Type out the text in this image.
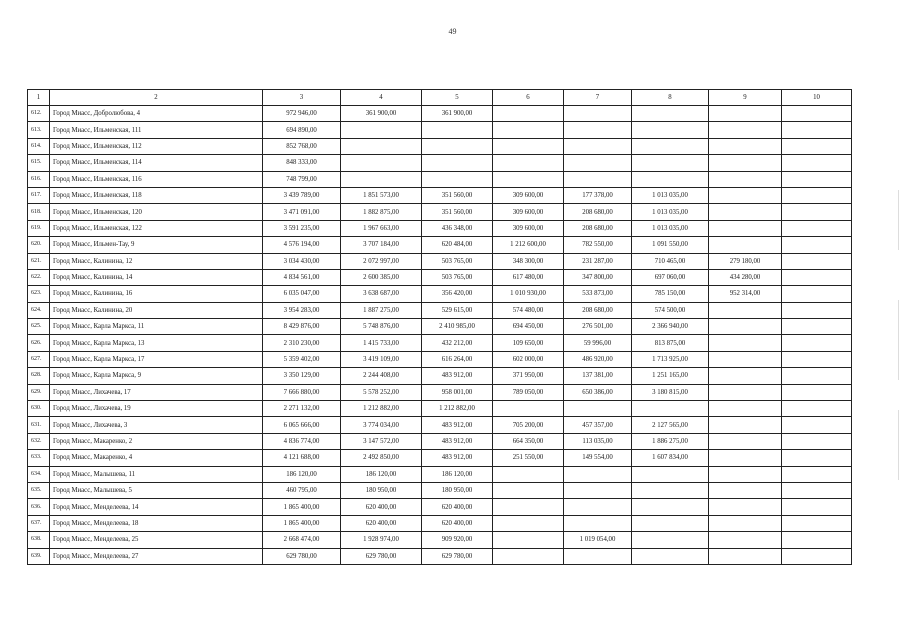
49
1	2	3	4	5	6	7	8	9	10
612.	Город Миасс, Добролюбова, 4	972 946,00	361 900,00	361 900,00					
613.	Город Миасс, Ильменская, 111	694 890,00							
614.	Город Миасс, Ильменская, 112	852 768,00							
615.	Город Миасс, Ильменская, 114	848 333,00							
616.	Город Миасс, Ильменская, 116	748 799,00							
617.	Город Миасс, Ильменская, 118	3 439 789,00	1 851 573,00	351 560,00	309 600,00	177 378,00	1 013 035,00		
618.	Город Миасс, Ильменская, 120	3 471 091,00	1 882 875,00	351 560,00	309 600,00	208 680,00	1 013 035,00		
619.	Город Миасс, Ильменская, 122	3 591 235,00	1 967 663,00	436 348,00	309 600,00	208 680,00	1 013 035,00		
620.	Город Миасс, Ильмен-Тау, 9	4 576 194,00	3 707 184,00	620 484,00	1 212 600,00	782 550,00	1 091 550,00		
621.	Город Миасс, Калинина, 12	3 034 430,00	2 072 997,00	503 765,00	348 300,00	231 287,00	710 465,00	279 180,00	
622.	Город Миасс, Калинина, 14	4 834 561,00	2 600 385,00	503 765,00	617 480,00	347 800,00	697 060,00	434 280,00	
623.	Город Миасс, Калинина, 16	6 035 047,00	3 638 687,00	356 420,00	1 010 930,00	533 873,00	785 150,00	952 314,00	
624.	Город Миасс, Калинина, 20	3 954 283,00	1 887 275,00	529 615,00	574 480,00	208 680,00	574 500,00		
625.	Город Миасс, Карла Маркса, 11	8 429 876,00	5 748 876,00	2 410 985,00	694 450,00	276 501,00	2 366 940,00		
626.	Город Миасс, Карла Маркса, 13	2 310 230,00	1 415 733,00	432 212,00	109 650,00	59 996,00	813 875,00		
627.	Город Миасс, Карла Маркса, 17	5 359 402,00	3 419 109,00	616 264,00	602 000,00	486 920,00	1 713 925,00		
628.	Город Миасс, Карла Маркса, 9	3 350 129,00	2 244 408,00	483 912,00	371 950,00	137 381,00	1 251 165,00		
629.	Город Миасс, Лихачева, 17	7 666 880,00	5 578 252,00	958 001,00	789 050,00	650 386,00	3 180 815,00		
630.	Город Миасс, Лихачева, 19	2 271 132,00	1 212 882,00	1 212 882,00					
631.	Город Миасс, Лихачева, 3	6 065 666,00	3 774 034,00	483 912,00	705 200,00	457 357,00	2 127 565,00		
632.	Город Миасс, Макаренко, 2	4 836 774,00	3 147 572,00	483 912,00	664 350,00	113 035,00	1 886 275,00		
633.	Город Миасс, Макаренко, 4	4 121 688,00	2 492 850,00	483 912,00	251 550,00	149 554,00	1 607 834,00		
634.	Город Миасс, Малышева, 11	186 120,00	186 120,00	186 120,00					
635.	Город Миасс, Малышева, 5	460 795,00	180 950,00	180 950,00					
636.	Город Миасс, Менделеева, 14	1 865 400,00	620 400,00	620 400,00					
637.	Город Миасс, Менделеева, 18	1 865 400,00	620 400,00	620 400,00					
638.	Город Миасс, Менделеева, 25	2 668 474,00	1 928 974,00	909 920,00		1 019 054,00			
639.	Город Миасс, Менделеева, 27	629 780,00	629 780,00	629 780,00					
